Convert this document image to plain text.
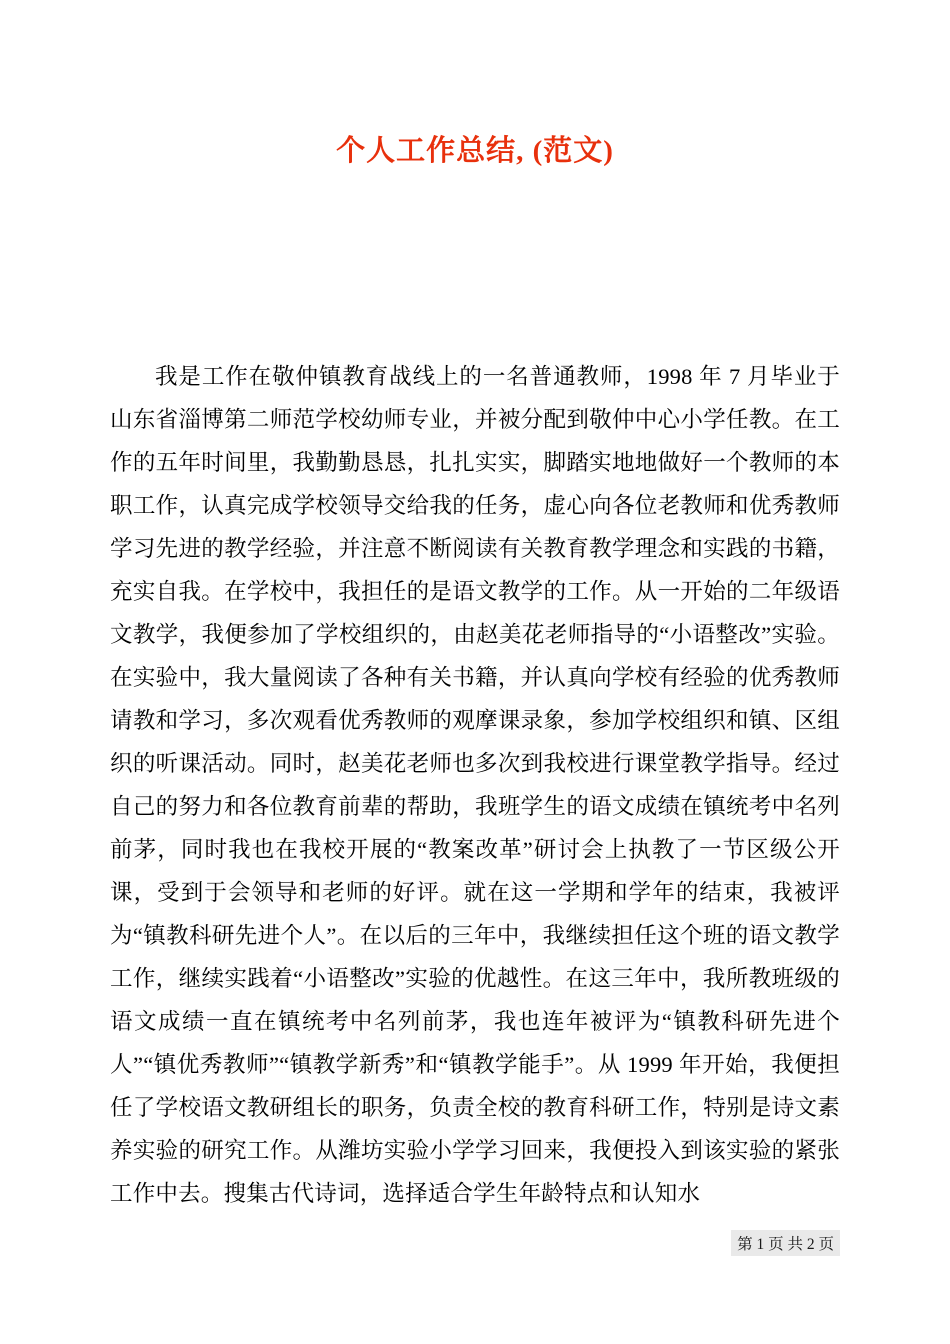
个人工作总结, (范文)

我是工作在敬仲镇教育战线上的一名普通教师，1998 年 7 月毕业于山东省淄博第二师范学校幼师专业，并被分配到敬仲中心小学任教。在工作的五年时间里，我勤勤恳恳，扎扎实实，脚踏实地地做好一个教师的本职工作，认真完成学校领导交给我的任务，虚心向各位老教师和优秀教师学习先进的教学经验，并注意不断阅读有关教育教学理念和实践的书籍，充实自我。在学校中，我担任的是语文教学的工作。从一开始的二年级语文教学，我便参加了学校组织的，由赵美花老师指导的“小语整改”实验。在实验中，我大量阅读了各种有关书籍，并认真向学校有经验的优秀教师请教和学习，多次观看优秀教师的观摩课录象，参加学校组织和镇、区组织的听课活动。同时，赵美花老师也多次到我校进行课堂教学指导。经过自己的努力和各位教育前辈的帮助，我班学生的语文成绩在镇统考中名列前茅，同时我也在我校开展的“教案改革”研讨会上执教了一节区级公开课，受到于会领导和老师的好评。就在这一学期和学年的结束，我被评为“镇教科研先进个人”。在以后的三年中，我继续担任这个班的语文教学工作，继续实践着“小语整改”实验的优越性。在这三年中，我所教班级的语文成绩一直在镇统考中名列前茅，我也连年被评为“镇教科研先进个人”“镇优秀教师”“镇教学新秀”和“镇教学能手”。从 1999 年开始，我便担任了学校语文教研组长的职务，负责全校的教育科研工作，特别是诗文素养实验的研究工作。从潍坊实验小学学习回来，我便投入到该实验的紧张工作中去。搜集古代诗词，选择适合学生年龄特点和认知水

第 1 页 共 2 页
